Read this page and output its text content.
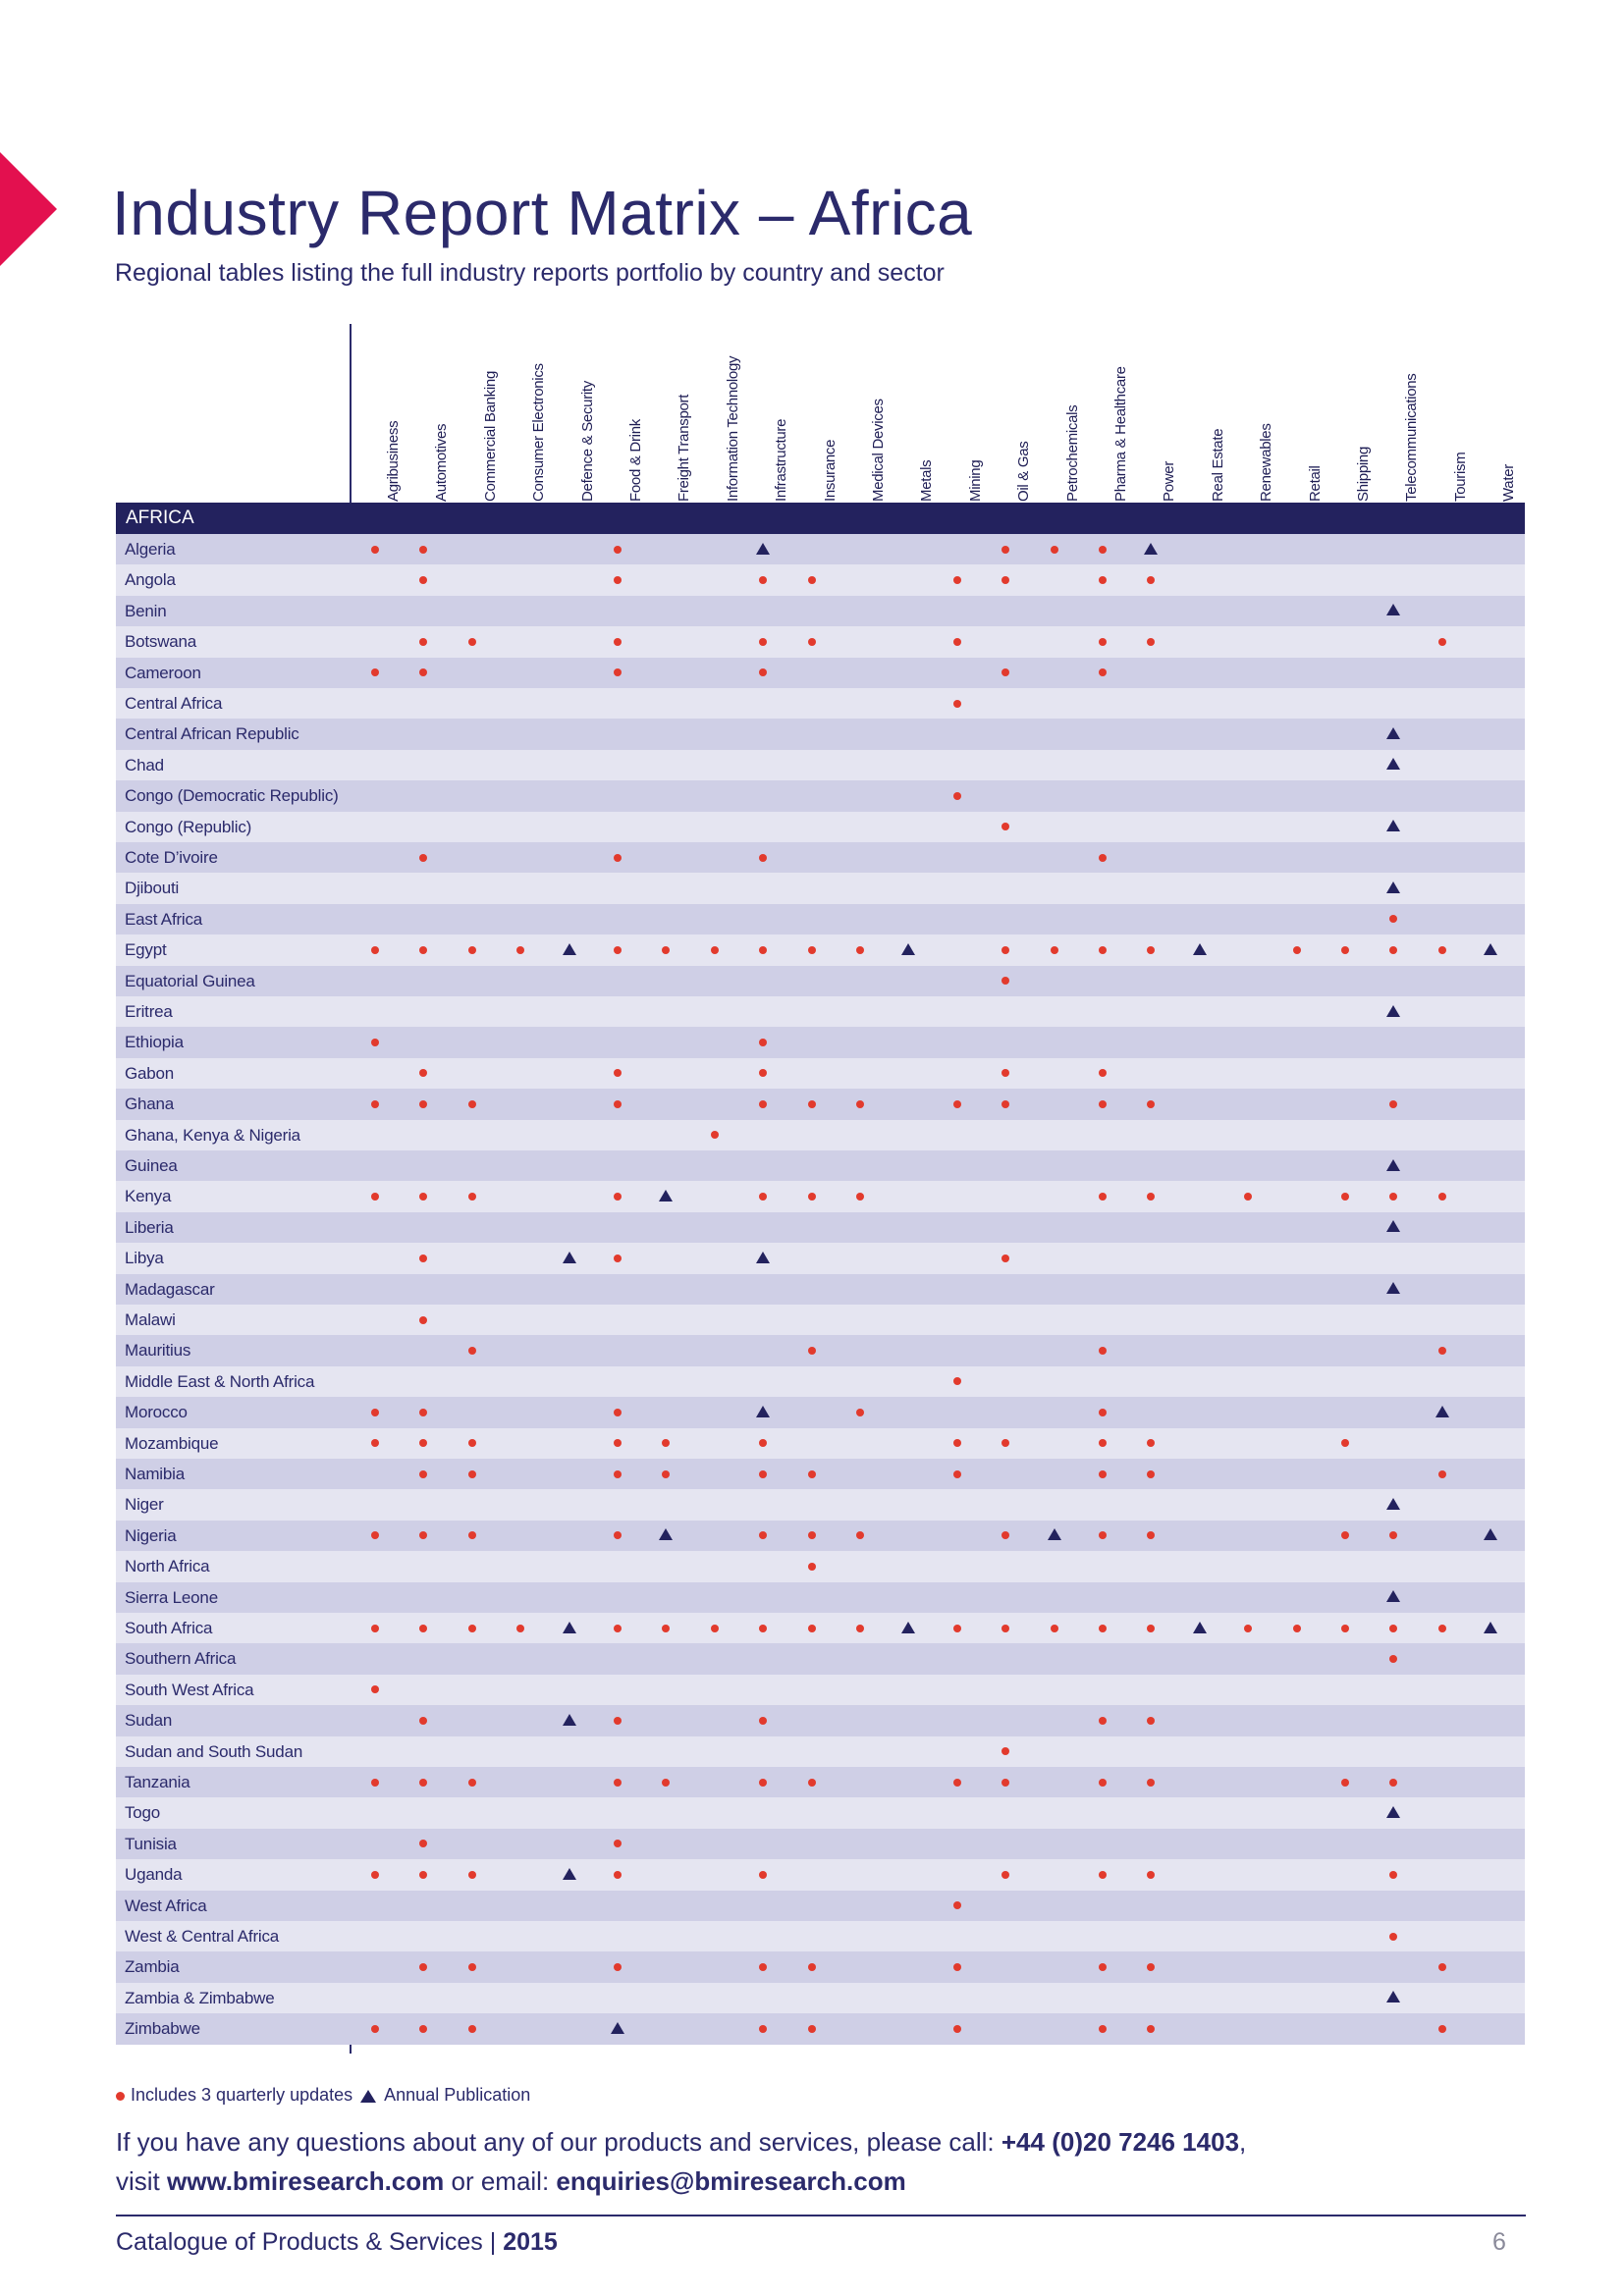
Industry Report Matrix – Africa
Regional tables listing the full industry reports portfolio by country and sector
Agribusiness Automotives Commercial Banking Consumer Electronics Defence & Security Food & Drink Freight Transport Information Technology Infrastructure Insurance Medical Devices Metals Mining Oil & Gas Petrochemicals Pharma & Healthcare Power Real Estate Renewables Retail Shipping Telecommunications Tourism Water
AFRICA
Algeria
Angola
Benin
Botswana
Cameroon
Central Africa
Central African Republic
Chad
Congo (Democratic Republic)
Congo (Republic)
Cote D’ivoire
Djibouti
East Africa
Egypt
Equatorial Guinea
Eritrea
Ethiopia
Gabon
Ghana
Ghana, Kenya & Nigeria
Guinea
Kenya
Liberia
Libya
Madagascar
Malawi
Mauritius
Middle East & North Africa
Morocco
Mozambique
Namibia
Niger
Nigeria
North Africa
Sierra Leone
South Africa
Southern Africa
South West Africa
Sudan
Sudan and South Sudan
Tanzania
Togo
Tunisia
Uganda
West Africa
West & Central Africa
Zambia
Zambia & Zimbabwe
Zimbabwe
Includes 3 quarterly updates Annual Publication
If you have any questions about any of our products and services, please call: +44 (0)20 7246 1403,
visit www.bmiresearch.com or email: enquiries@bmiresearch.com
Catalogue of Products & Services | 2015	6
